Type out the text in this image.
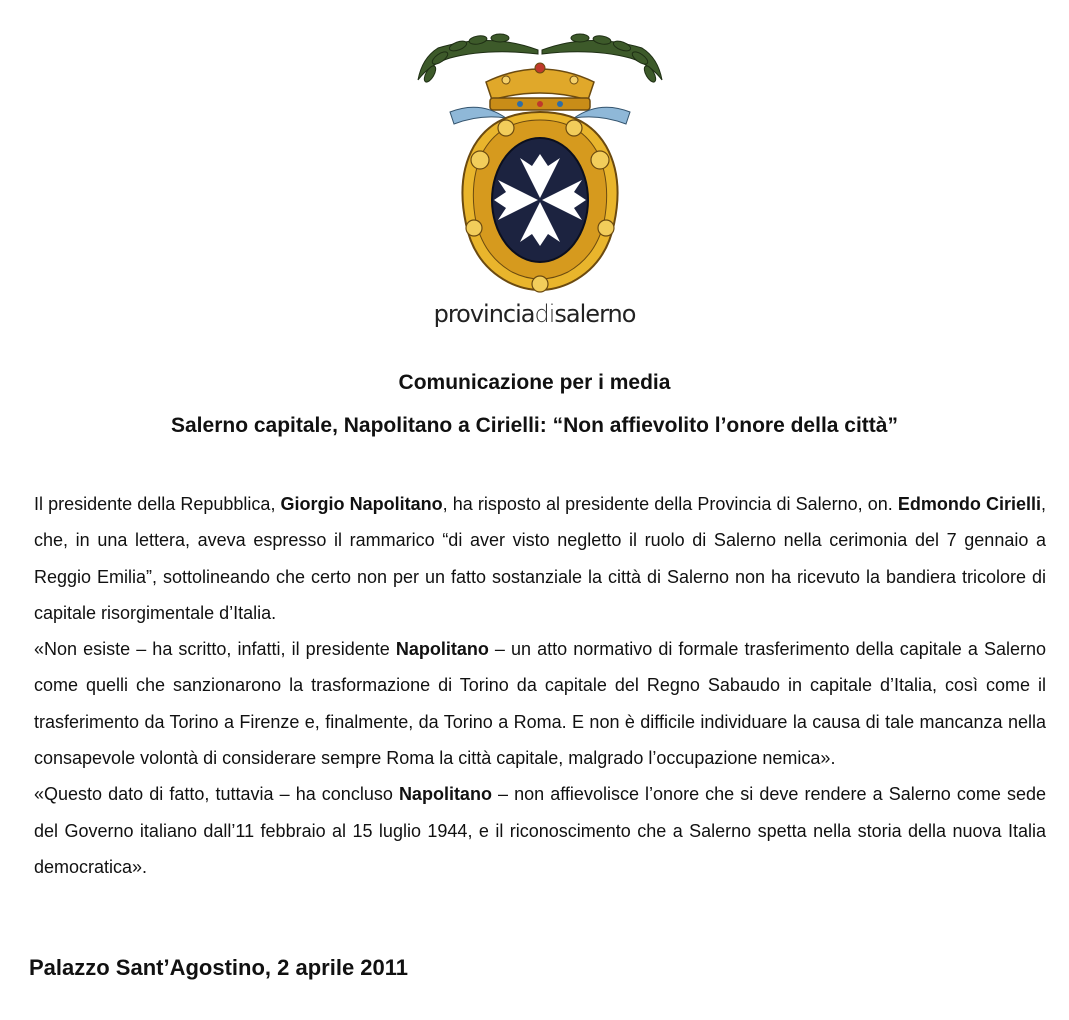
provinciadisalerno
Comunicazione per i media
Salerno capitale, Napolitano a Cirielli: “Non affievolito l’onore della città”

Il presidente della Repubblica, Giorgio Napolitano, ha risposto al presidente della Provincia di Salerno, on. Edmondo Cirielli, che, in una lettera, aveva espresso il rammarico “di aver visto negletto il ruolo di Salerno nella cerimonia del 7 gennaio a Reggio Emilia”, sottolineando che certo non per un fatto sostanziale la città di Salerno non ha ricevuto la bandiera tricolore di capitale risorgimentale d’Italia.

«Non esiste – ha scritto, infatti, il presidente Napolitano – un atto normativo di formale trasferimento della capitale a Salerno come quelli che sanzionarono la trasformazione di Torino da capitale del Regno Sabaudo in capitale d’Italia, così come il trasferimento da Torino a Firenze e, finalmente, da Torino a Roma. E non è difficile individuare la causa di tale mancanza nella consapevole volontà di considerare sempre Roma la città capitale, malgrado l’occupazione nemica».

«Questo dato di fatto, tuttavia – ha concluso Napolitano – non affievolisce l’onore che si deve rendere a Salerno come sede del Governo italiano dall’11 febbraio al 15 luglio 1944, e il riconoscimento che a Salerno spetta nella storia della nuova Italia democratica».

Palazzo Sant’Agostino, 2 aprile 2011
